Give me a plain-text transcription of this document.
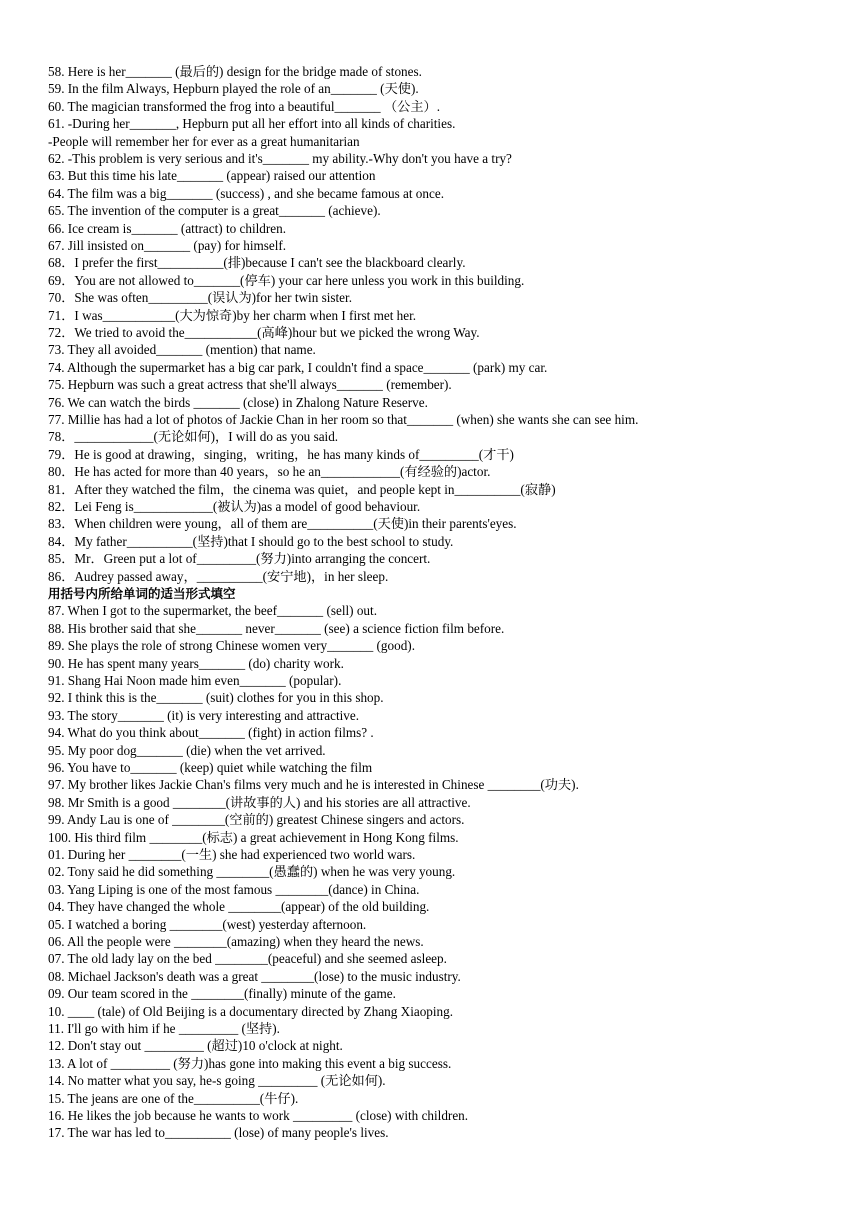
58. Here is her_______ (最后的) design for the bridge made of stones.
59. In the film Always, Hepburn played the role of an_______ (天使).
60. The magician transformed the frog into a beautiful_______ （公主）.
61. -During her_______, Hepburn put all her effort into all kinds of charities.
-People will remember her for ever as a great humanitarian
62. -This problem is very serious and it's_______ my ability.-Why don't you have a try?
63. But this time his late_______ (appear) raised our attention
64. The film was a big_______ (success) , and she became famous at once.
65. The invention of the computer is a great_______ (achieve).
66. Ice cream is_______ (attract) to children.
67. Jill insisted on_______ (pay) for himself.
68．I prefer the first__________(排)because I can't see the blackboard clearly.
69．You are not allowed to_______(停车) your car here unless you work in this building.
70．She was often_________(误认为)for her twin sister.
71．I was___________(大为惊奇)by her charm when I first met her.
72．We tried to avoid the___________(高峰)hour but we picked the wrong Way.
73. They all avoided_______ (mention) that name.
74. Although the supermarket has a big car park, I couldn't find a space_______ (park) my car.
75. Hepburn was such a great actress that she'll always_______ (remember).
76. We can watch the birds _______ (close) in Zhalong Nature Reserve.
77. Millie has had a lot of photos of Jackie Chan in her room so that_______ (when) she wants she can see him.
78．____________(无论如何)，I will do as you said.
79．He is good at drawing，singing，writing，he has many kinds of_________(才干)
80．He has acted for more than 40 years，so he an____________(有经验的)actor.
81．After they watched the film，the cinema was quiet，and people kept in__________(寂静)
82．Lei Feng is____________(被认为)as a model of good behaviour.
83．When children were young，all of them are__________(天使)in their parents'eyes.
84．My father__________(坚持)that I should go to the best school to study.
85．Mr．Green put a lot of_________(努力)into arranging the concert.
86．Audrey passed away，__________(安宁地)，in her sleep.
用括号内所给单词的适当形式填空
87. When I got to the supermarket, the beef_______ (sell) out.
88. His brother said that she_______ never_______ (see) a science fiction film before.
89. She plays the role of strong Chinese women very_______ (good).
90. He has spent many years_______ (do) charity work.
91. Shang Hai Noon made him even_______ (popular).
92. I think this is the_______ (suit) clothes for you in this shop.
93. The story_______ (it) is very interesting and attractive.
94. What do you think about_______ (fight) in action films? .
95. My poor dog_______ (die) when the vet arrived.
96. You have to_______ (keep) quiet while watching the film
97. My brother likes Jackie Chan's films very much and he is interested in Chinese ________(功夫).
98. Mr Smith is a good ________(讲故事的人) and his stories are all attractive.
99. Andy Lau is one of ________(空前的) greatest Chinese singers and actors.
100. His third film ________(标志) a great achievement in Hong Kong films.
01. During her ________(一生) she had experienced two world wars.
02. Tony said he did something ________(愚蠢的) when he was very young.
03. Yang Liping is one of the most famous ________(dance) in China.
04. They have changed the whole ________(appear) of the old building.
05. I watched a boring ________(west) yesterday afternoon.
06. All the people were ________(amazing) when they heard the news.
07. The old lady lay on the bed ________(peaceful) and she seemed asleep.
08. Michael Jackson's death was a great ________(lose) to the music industry.
09. Our team scored in the ________(finally) minute of the game.
10. ____ (tale) of Old Beijing is a documentary directed by Zhang Xiaoping.
11. I'll go with him if he _________ (坚持).
12. Don't stay out _________ (超过)10 o'clock at night.
13. A lot of _________ (努力)has gone into making this event a big success.
14. No matter what you say, he-s going _________ (无论如何).
15. The jeans are one of the__________(牛仔).
16. He likes the job because he wants to work _________ (close) with children.
17. The war has led to__________ (lose) of many people's lives.
